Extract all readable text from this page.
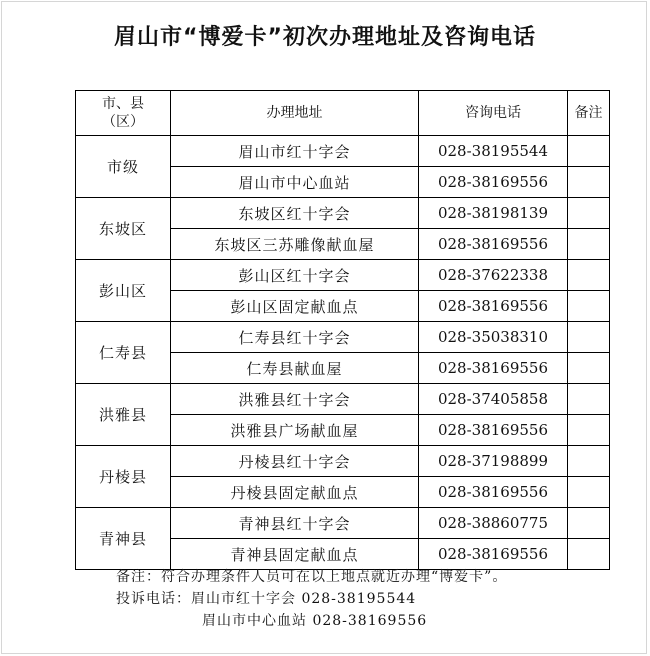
眉山市“博爱卡”初次办理地址及咨询电话
市、县
（区）	办理地址	咨询电话	备注
市级	眉山市红十字会	028-38195544	
	眉山市中心血站	028-38169556	
东坡区	东坡区红十字会	028-38198139	
	东坡区三苏雕像献血屋	028-38169556	
彭山区	彭山区红十字会	028-37622338	
	彭山区固定献血点	028-38169556	
仁寿县	仁寿县红十字会	028-35038310	
	仁寿县献血屋	028-38169556	
洪雅县	洪雅县红十字会	028-37405858	
	洪雅县广场献血屋	028-38169556	
丹棱县	丹棱县红十字会	028-37198899	
	丹棱县固定献血点	028-38169556	
青神县	青神县红十字会	028-38860775	
	青神县固定献血点	028-38169556	
备注：符合办理条件人员可在以上地点就近办理“博爱卡”。
投诉电话：眉山市红十字会 028-38195544
眉山市中心血站 028-38169556
